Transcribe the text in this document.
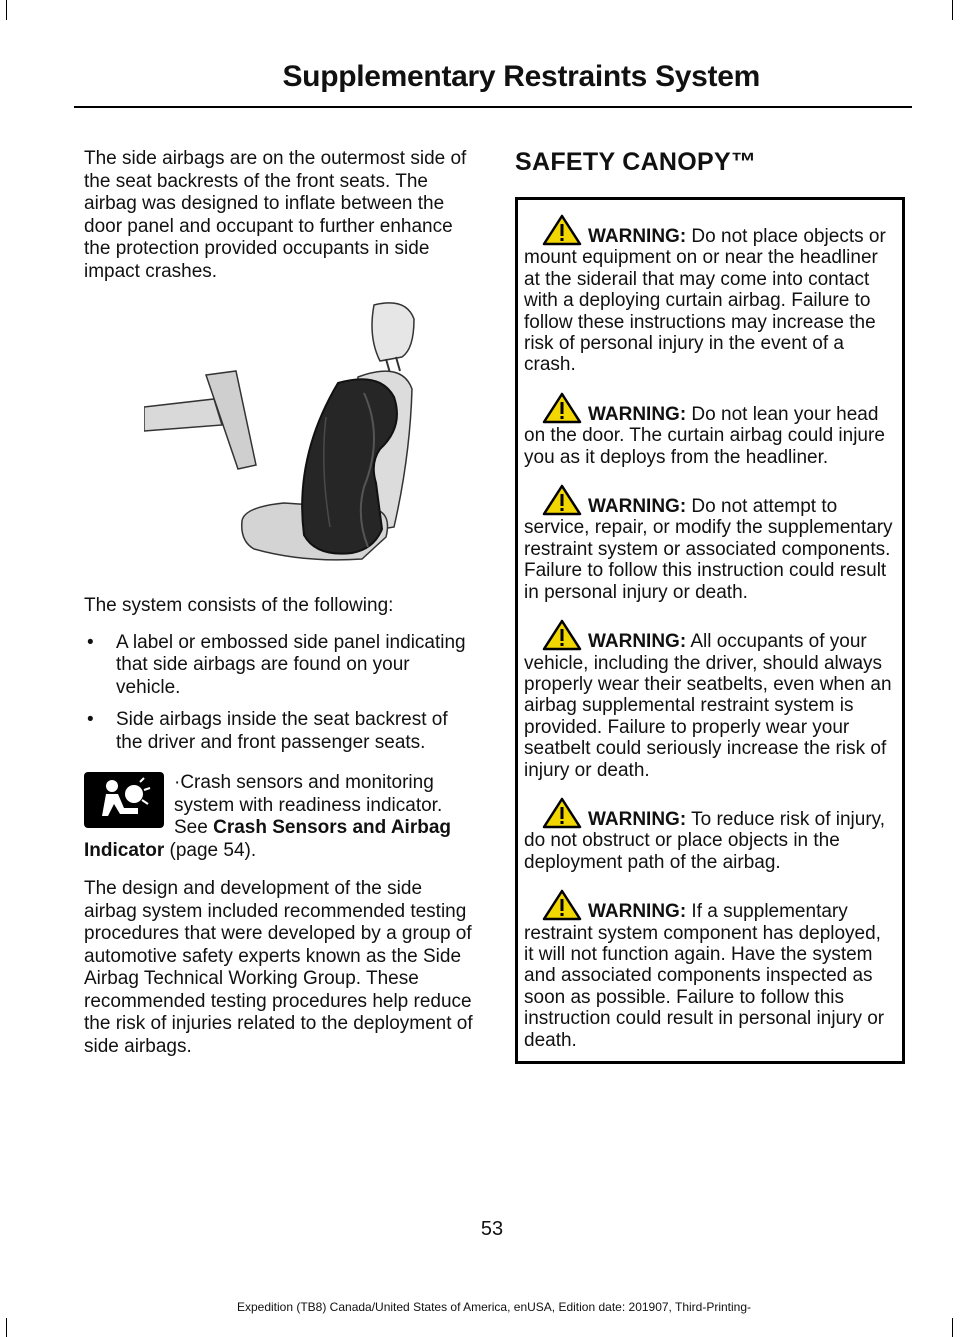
Supplementary Restraints System

The side airbags are on the outermost side of the seat backrests of the front seats. The airbag was designed to inflate between the door panel and occupant to further enhance the protection provided occupants in side impact crashes.

The system consists of the following:

• A label or embossed side panel indicating that side airbags are found on your vehicle.
• Side airbags inside the seat backrest of the driver and front passenger seats.
·Crash sensors and monitoring system with readiness indicator. See Crash Sensors and Airbag Indicator (page 54).

The design and development of the side airbag system included recommended testing procedures that were developed by a group of automotive safety experts known as the Side Airbag Technical Working Group. These recommended testing procedures help reduce the risk of injuries related to the deployment of side airbags.

SAFETY CANOPY™

WARNING: Do not place objects or mount equipment on or near the headliner at the siderail that may come into contact with a deploying curtain airbag. Failure to follow these instructions may increase the risk of personal injury in the event of a crash.

WARNING: Do not lean your head on the door. The curtain airbag could injure you as it deploys from the headliner.

WARNING: Do not attempt to service, repair, or modify the supplementary restraint system or associated components. Failure to follow this instruction could result in personal injury or death.

WARNING: All occupants of your vehicle, including the driver, should always properly wear their seatbelts, even when an airbag supplemental restraint system is provided. Failure to properly wear your seatbelt could seriously increase the risk of injury or death.

WARNING: To reduce risk of injury, do not obstruct or place objects in the deployment path of the airbag.

WARNING: If a supplementary restraint system component has deployed, it will not function again. Have the system and associated components inspected as soon as possible. Failure to follow this instruction could result in personal injury or death.

53
Expedition (TB8) Canada/United States of America, enUSA, Edition date: 201907, Third-Printing-
